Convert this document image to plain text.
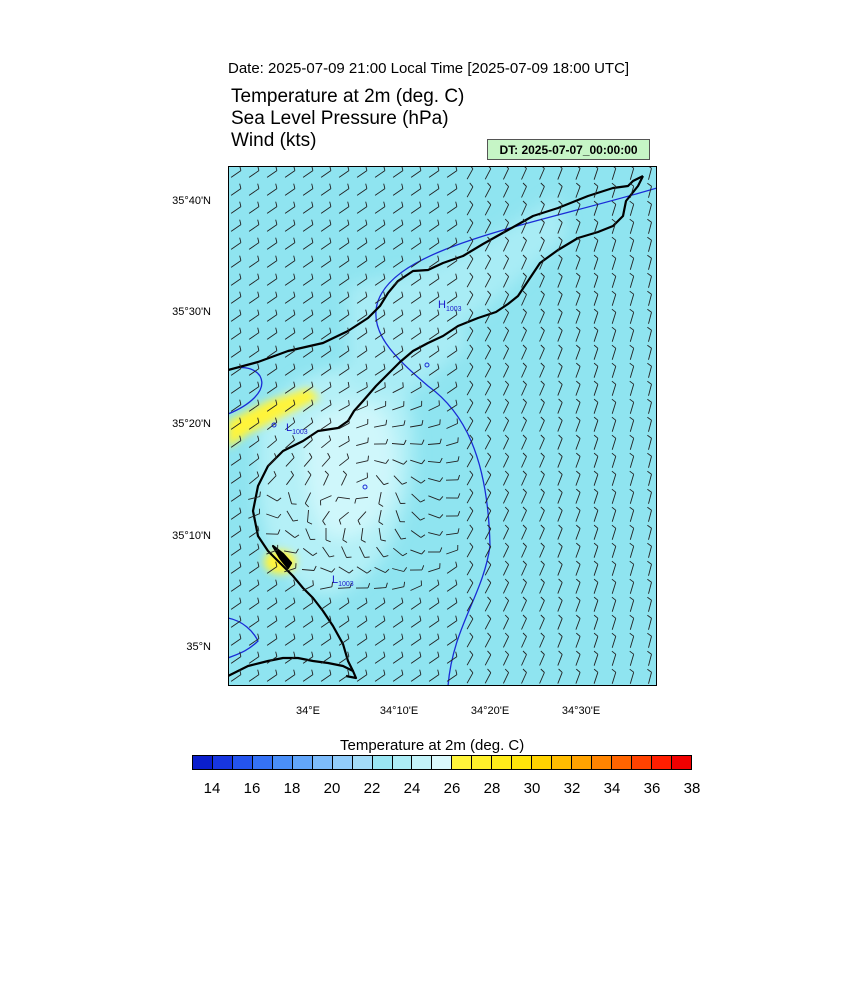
Date: 2025-07-09 21:00 Local Time [2025-07-09 18:00 UTC]
Temperature at 2m (deg. C)
Sea Level Pressure (hPa)
Wind (kts)	DT: 2025-07-07_00:00:00
35°40'N
35°30'N
35°20'N
35°10'N
35°N
34°E	34°10'E	34°20'E	34°30'E
$H_{1003}$
$L_{1003}$
$L_{1003}$
Temperature at 2m (deg. C)
14	16	18	20	22	24	26	28	30	32	34	36	38
